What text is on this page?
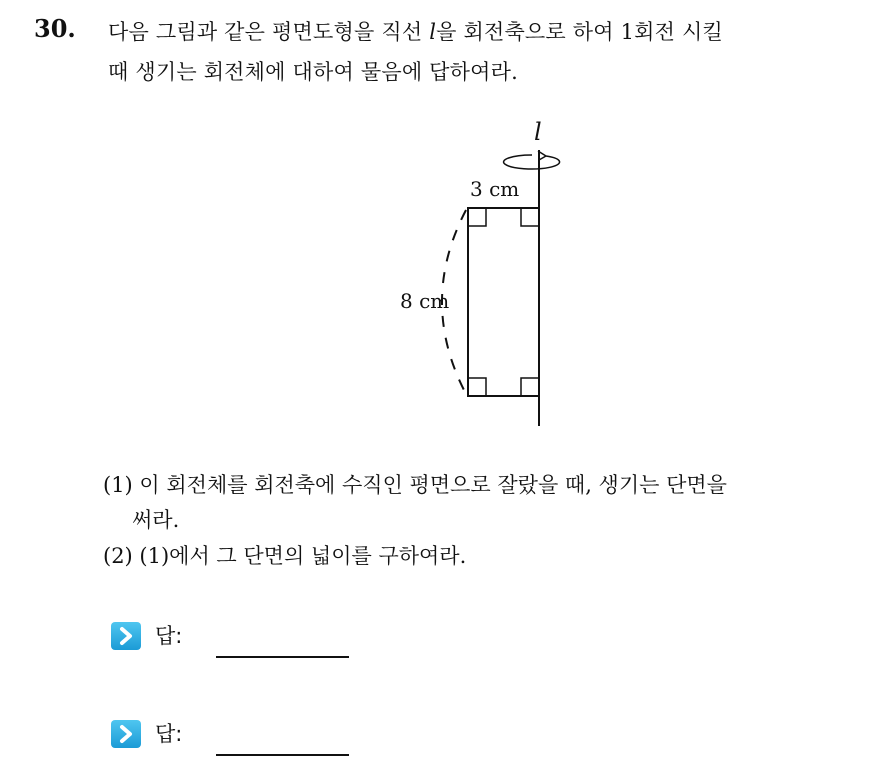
30. 다음 그림과 같은 평면도형을 직선 l을 회전축으로 하여 1회전 시킬
때 생기는 회전체에 대하여 물음에 답하여라.
l
3 cm
8 cm
(1) 이 회전체를 회전축에 수직인 평면으로 잘랐을 때, 생기는 단면을
써라.
(2) (1)에서 그 단면의 넓이를 구하여라.
답:
답:
